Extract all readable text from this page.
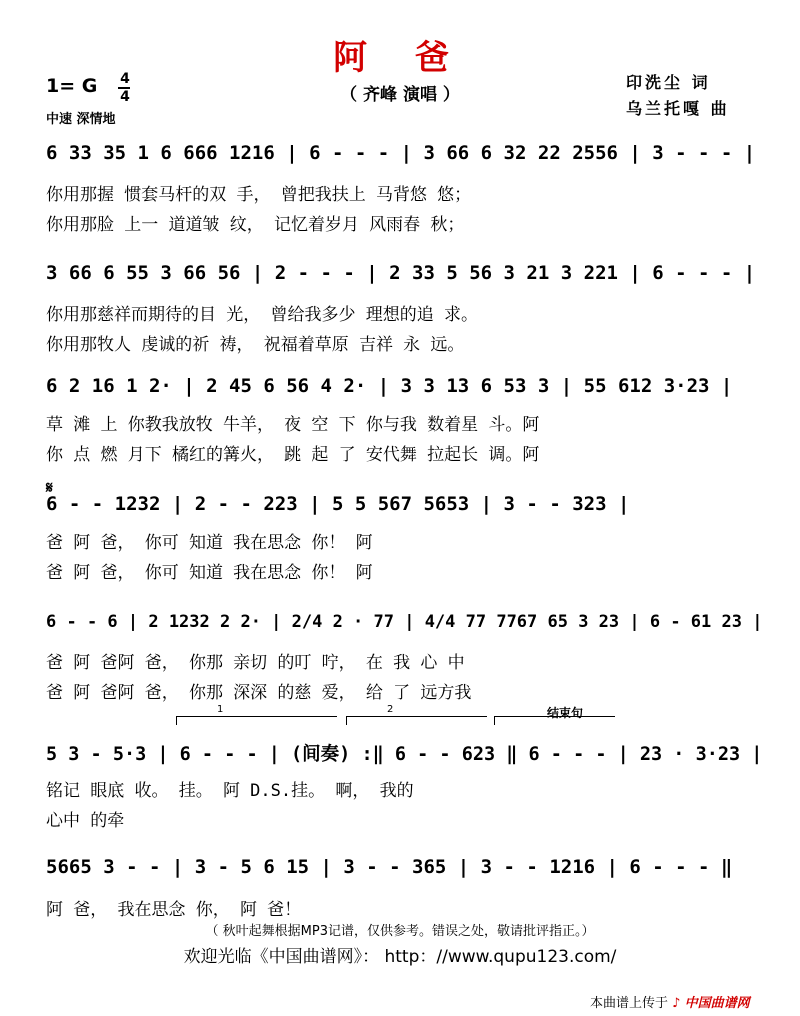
阿 爸
（ 齐峰 演唱 ）
1= G 4
4
中速 深情地
印洗尘 词
乌兰托嘎 曲
6 33 35 1 6 666 1216 | 6 - - - | 3 66 6 32 22 2556 | 3 - - - |
你用那握 惯套马杆的双 手， 曾把我扶上 马背悠 悠；
你用那脸 上一 道道皱 纹， 记忆着岁月 风雨春 秋；
3 66 6 55 3 66 56 | 2 - - - | 2 33 5 56 3 21 3 221 | 6 - - - |
你用那慈祥而期待的目 光， 曾给我多少 理想的追 求。
你用那牧人 虔诚的祈 祷， 祝福着草原 吉祥 永 远。
6 2 16 1 2· | 2 45 6 56 4 2· | 3 3 13 6 53 3 | 55 612 3·23 |
草 滩 上 你教我放牧 牛羊， 夜 空 下 你与我 数着星 斗。阿
你 点 燃 月下 橘红的篝火， 跳 起 了 安代舞 拉起长 调。阿
𝄋
6 - - 1232 | 2 - - 223 | 5 5 567 5653 | 3 - - 323 |
爸 阿 爸， 你可 知道 我在思念 你！ 阿
爸 阿 爸， 你可 知道 我在思念 你！ 阿
6 - - 6 | 2 1232 2 2· | 2/4 2 · 77 | 4/4 77 7767 65 3 23 | 6 - 61 23 |
爸 阿 爸阿 爸， 你那 亲切 的叮 咛， 在 我 心 中
爸 阿 爸阿 爸， 你那 深深 的慈 爱， 给 了 远方我
1	2	结束句
5 3 - 5·3 | 6 - - - | (间奏) :‖ 6 - - 623 ‖ 6 - - - | 23 · 3·23 |
铭记 眼底 收。 挂。 阿 D.S.挂。 啊， 我的
心中 的牵
5665 3 - - | 3 - 5 6 15 | 3 - - 365 | 3 - - 1216 | 6 - - - ‖
阿 爸， 我在思念 你， 阿 爸！
（ 秋叶起舞根据MP3记谱，仅供参考。错误之处，敬请批评指正。）
欢迎光临《中国曲谱网》： http：//www.qupu123.com/
本曲谱上传于 ♪ 中国曲谱网
